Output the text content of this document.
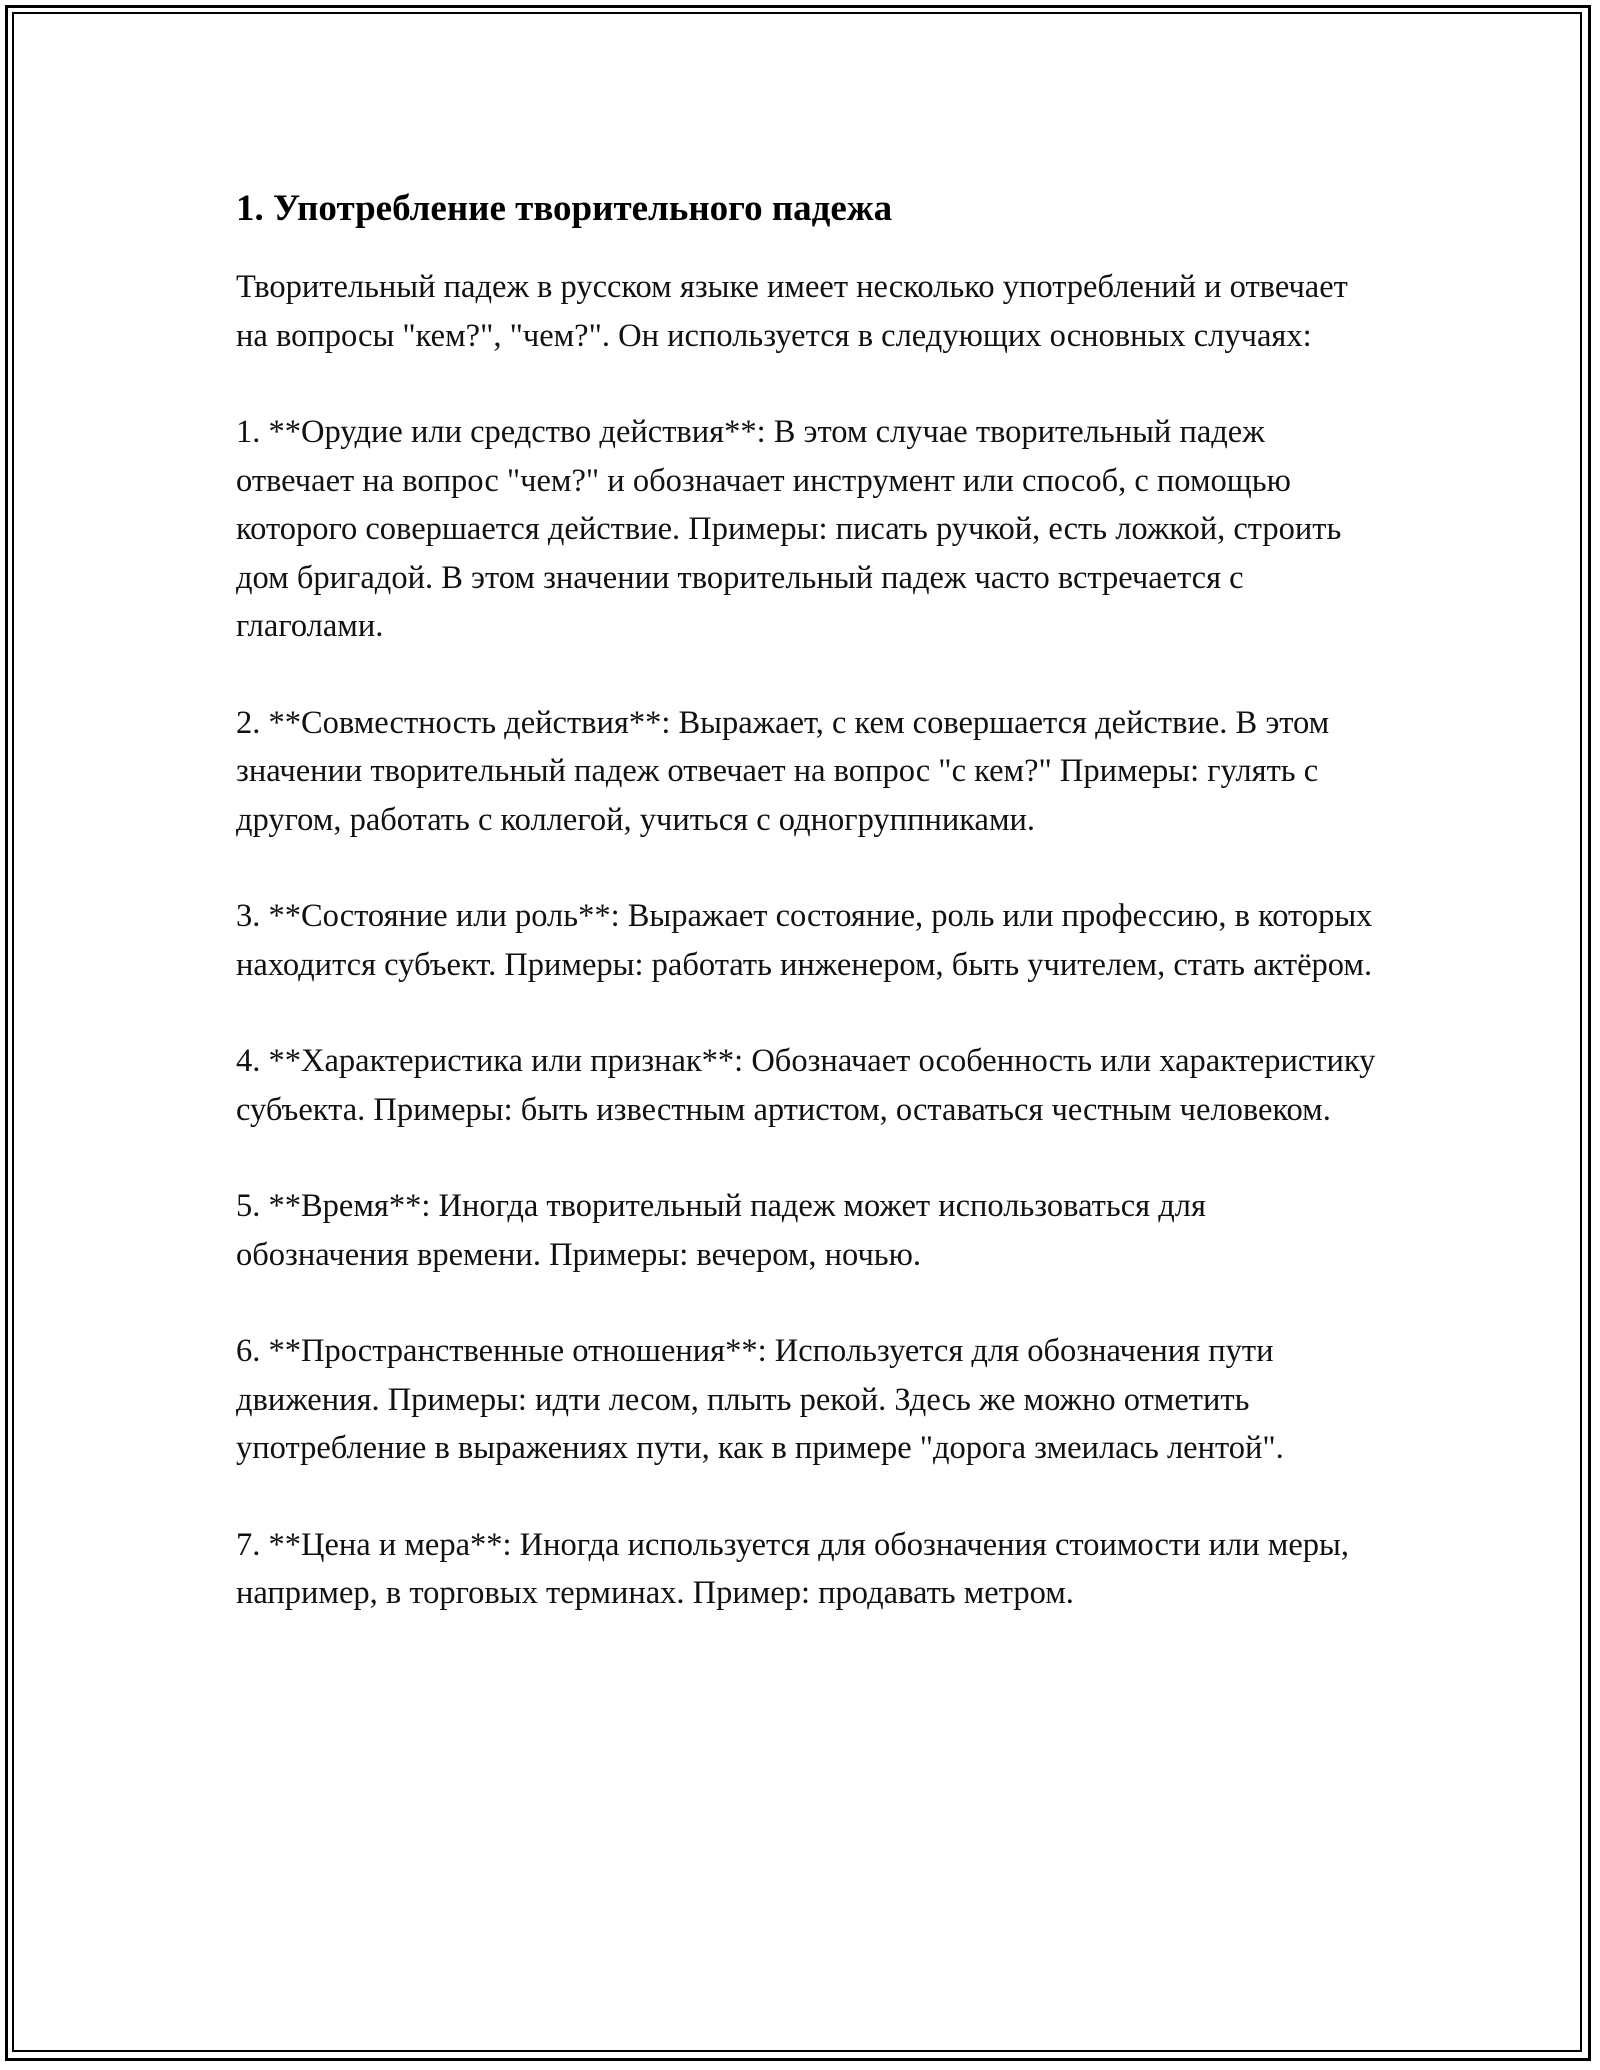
1. Употребление творительного падежа

Творительный падеж в русском языке имеет несколько употреблений и отвечает на вопросы "кем?", "чем?". Он используется в следующих основных случаях:

1. **Орудие или средство действия**: В этом случае творительный падеж отвечает на вопрос "чем?" и обозначает инструмент или способ, с помощью которого совершается действие. Примеры: писать ручкой, есть ложкой, строить дом бригадой. В этом значении творительный падеж часто встречается с глаголами.

2. **Совместность действия**: Выражает, с кем совершается действие. В этом значении творительный падеж отвечает на вопрос "с кем?" Примеры: гулять с другом, работать с коллегой, учиться с одногруппниками.

3. **Состояние или роль**: Выражает состояние, роль или профессию, в которых находится субъект. Примеры: работать инженером, быть учителем, стать актёром.

4. **Характеристика или признак**: Обозначает особенность или характеристику субъекта. Примеры: быть известным артистом, оставаться честным человеком.

5. **Время**: Иногда творительный падеж может использоваться для обозначения времени. Примеры: вечером, ночью.

6. **Пространственные отношения**: Используется для обозначения пути движения. Примеры: идти лесом, плыть рекой. Здесь же можно отметить употребление в выражениях пути, как в примере "дорога змеилась лентой".

7. **Цена и мера**: Иногда используется для обозначения стоимости или меры, например, в торговых терминах. Пример: продавать метром.
